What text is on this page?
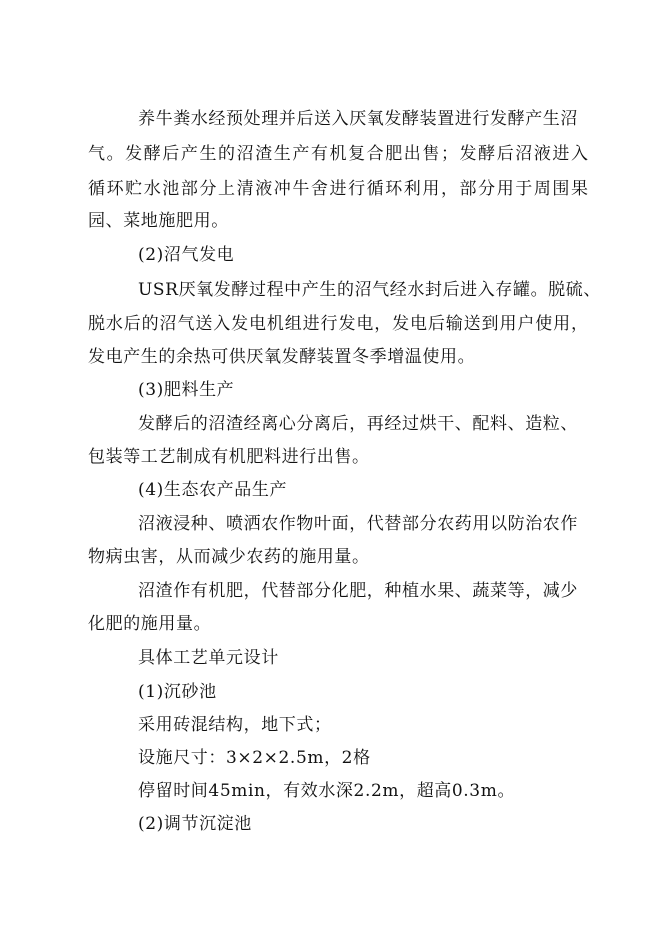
养牛粪水经预处理并后送入厌氧发酵装置进行发酵产生沼
气。发酵后产生的沼渣生产有机复合肥出售；发酵后沼液进入
循环贮水池部分上清液冲牛舍进行循环利用，部分用于周围果
园、菜地施肥用。
(2)沼气发电
USR厌氧发酵过程中产生的沼气经水封后进入存罐。脱硫、
脱水后的沼气送入发电机组进行发电，发电后输送到用户使用，
发电产生的余热可供厌氧发酵装置冬季增温使用。
(3)肥料生产
发酵后的沼渣经离心分离后，再经过烘干、配料、造粒、
包装等工艺制成有机肥料进行出售。
(4)生态农产品生产
沼液浸种、喷洒农作物叶面，代替部分农药用以防治农作
物病虫害，从而减少农药的施用量。
沼渣作有机肥，代替部分化肥，种植水果、蔬菜等，减少
化肥的施用量。
具体工艺单元设计
(1)沉砂池
采用砖混结构，地下式；
设施尺寸：3×2×2.5m，2格
停留时间45min，有效水深2.2m，超高0.3m。
(2)调节沉淀池
